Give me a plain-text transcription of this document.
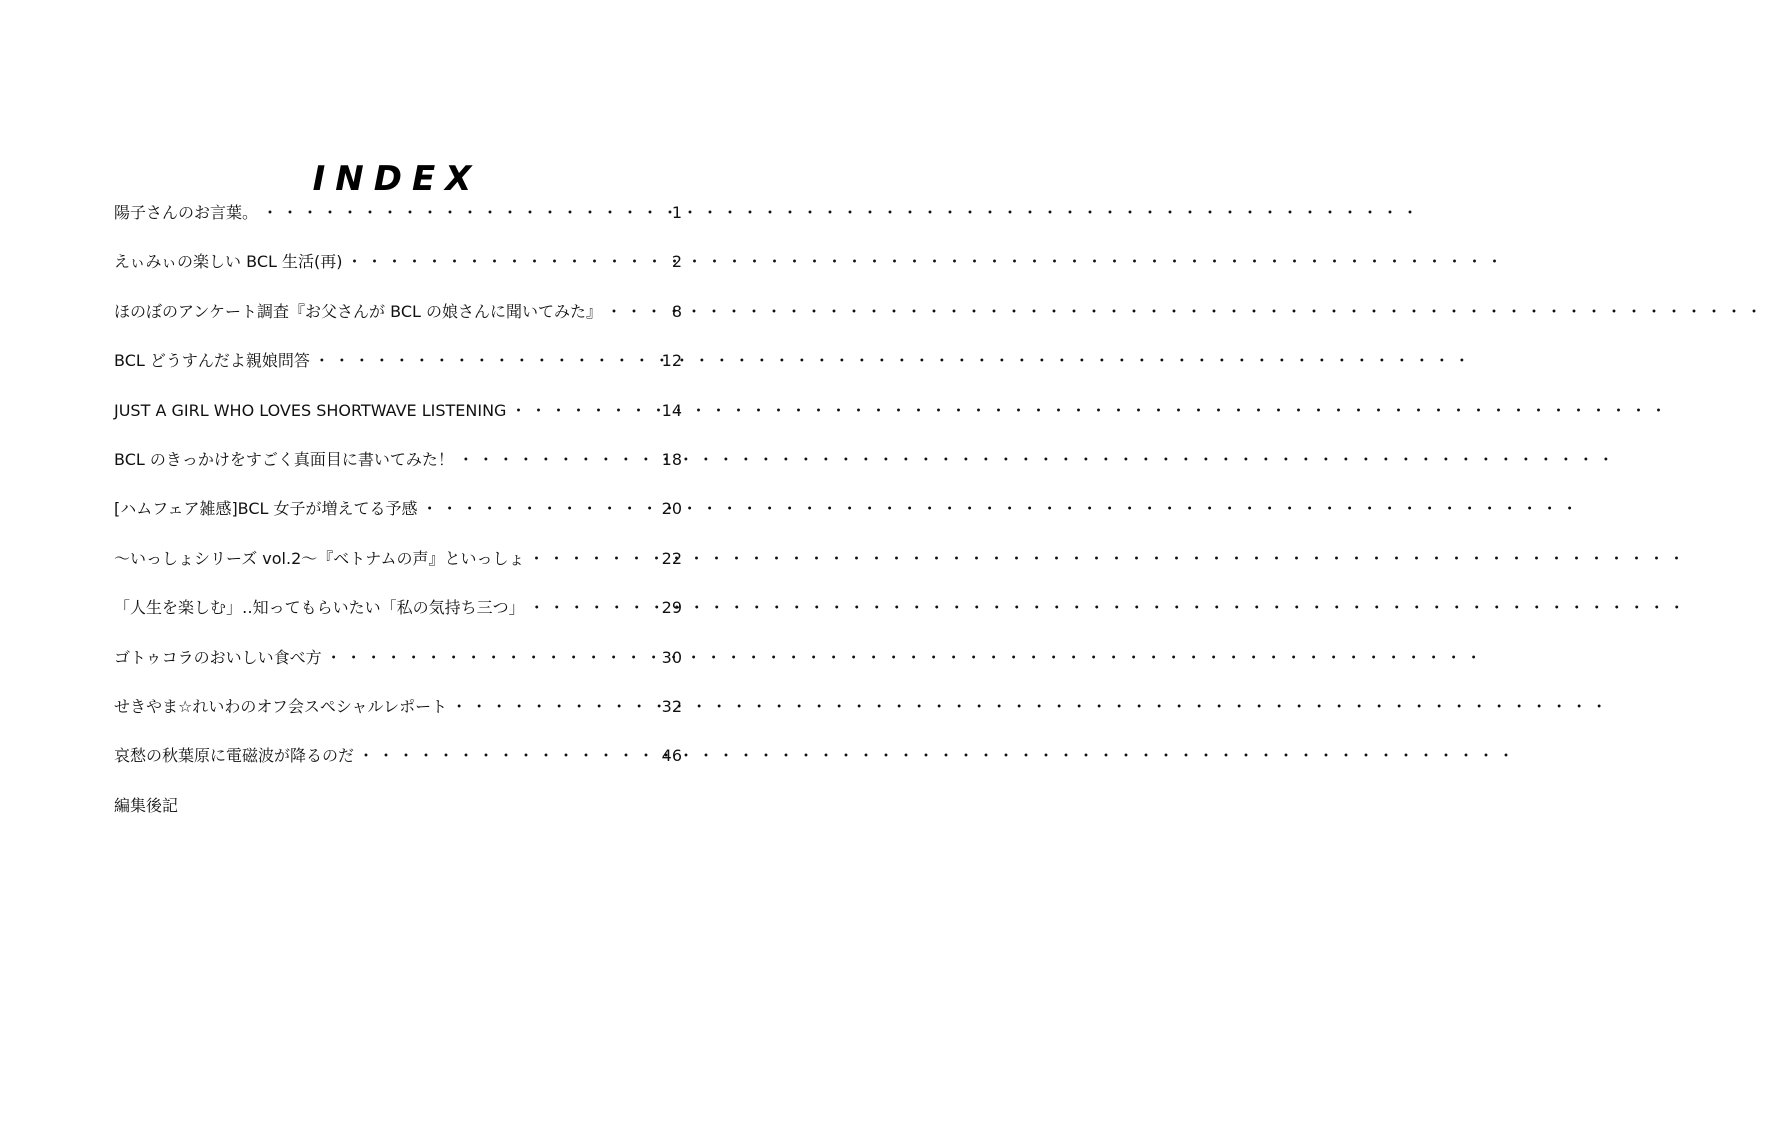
INDEX
陽子さんのお言葉。 ・・・・・・・・・・・・・・・・・・・・・・・・・・・・・・・・・・・・・・・・・・・・・・・・・・・・・・・・・・	1
えぃみぃの楽しい BCL 生活(再) ・・・・・・・・・・・・・・・・・・・・・・・・・・・・・・・・・・・・・・・・・・・・・・・・・・・・・・・・・・	2
ほのぼのアンケート調査『お父さんが BCL の娘さんに聞いてみた』 ・・・・・・・・・・・・・・・・・・・・・・・・・・・・・・・・・・・・・・・・・・・・・・・・・・・・・・・・・・	8
BCL どうすんだよ親娘問答 ・・・・・・・・・・・・・・・・・・・・・・・・・・・・・・・・・・・・・・・・・・・・・・・・・・・・・・・・・・	12
JUST A GIRL WHO LOVES SHORTWAVE LISTENING ・・・・・・・・・・・・・・・・・・・・・・・・・・・・・・・・・・・・・・・・・・・・・・・・・・・・・・・・・・	14
BCL のきっかけをすごく真面目に書いてみた！ ・・・・・・・・・・・・・・・・・・・・・・・・・・・・・・・・・・・・・・・・・・・・・・・・・・・・・・・・・・	18
[ハムフェア雑感]BCL 女子が増えてる予感 ・・・・・・・・・・・・・・・・・・・・・・・・・・・・・・・・・・・・・・・・・・・・・・・・・・・・・・・・・・	20
〜いっしょシリーズ vol.2〜『ベトナムの声』といっしょ ・・・・・・・・・・・・・・・・・・・・・・・・・・・・・・・・・・・・・・・・・・・・・・・・・・・・・・・・・・	22
「人生を楽しむ」‥知ってもらいたい「私の気持ち三つ」 ・・・・・・・・・・・・・・・・・・・・・・・・・・・・・・・・・・・・・・・・・・・・・・・・・・・・・・・・・・	29
ゴトゥコラのおいしい食べ方 ・・・・・・・・・・・・・・・・・・・・・・・・・・・・・・・・・・・・・・・・・・・・・・・・・・・・・・・・・・	30
せきやま☆れいわのオフ会スペシャルレポート ・・・・・・・・・・・・・・・・・・・・・・・・・・・・・・・・・・・・・・・・・・・・・・・・・・・・・・・・・・	32
哀愁の秋葉原に電磁波が降るのだ ・・・・・・・・・・・・・・・・・・・・・・・・・・・・・・・・・・・・・・・・・・・・・・・・・・・・・・・・・・	46
編集後記
